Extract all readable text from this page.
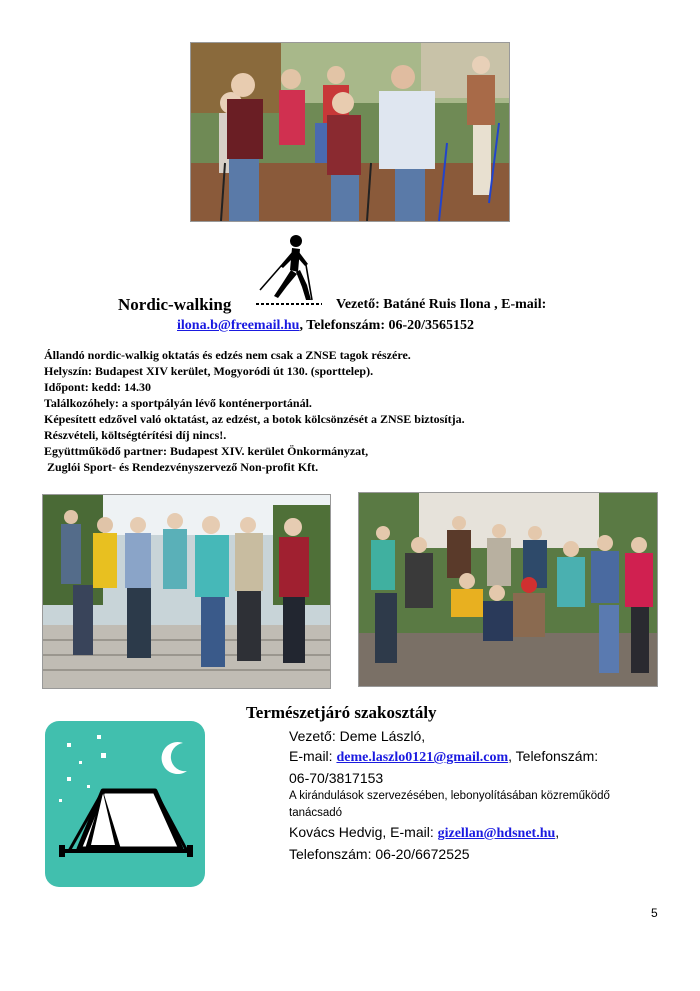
Nordic-walking	Vezető: Batáné Ruis Ilona , E-mail:
ilona.b@freemail.hu, Telefonszám: 06-20/3565152
Állandó nordic-walkig oktatás és edzés nem csak a ZNSE tagok részére.
Helyszín: Budapest XIV kerület, Mogyoródi út 130. (sporttelep).
Időpont: kedd: 14.30
Találkozóhely: a sportpályán lévő konténerportánál.
Képesített edzővel való oktatást, az edzést, a botok kölcsönzését a ZNSE biztosítja.
Részvételi, költségtérítési díj nincs!.
Együttműködő partner: Budapest XIV. kerület Önkormányzat,
Zuglói Sport- és Rendezvényszervező Non-profit Kft.
Természetjáró szakosztály
Vezető: Deme László,
E-mail: deme.laszlo0121@gmail.com, Telefonszám:
06-70/3817153
A kirándulások szervezésében, lebonyolításában közreműködő tanácsadó
Kovács Hedvig, E-mail: gizellan@hdsnet.hu,
Telefonszám: 06-20/6672525
5
